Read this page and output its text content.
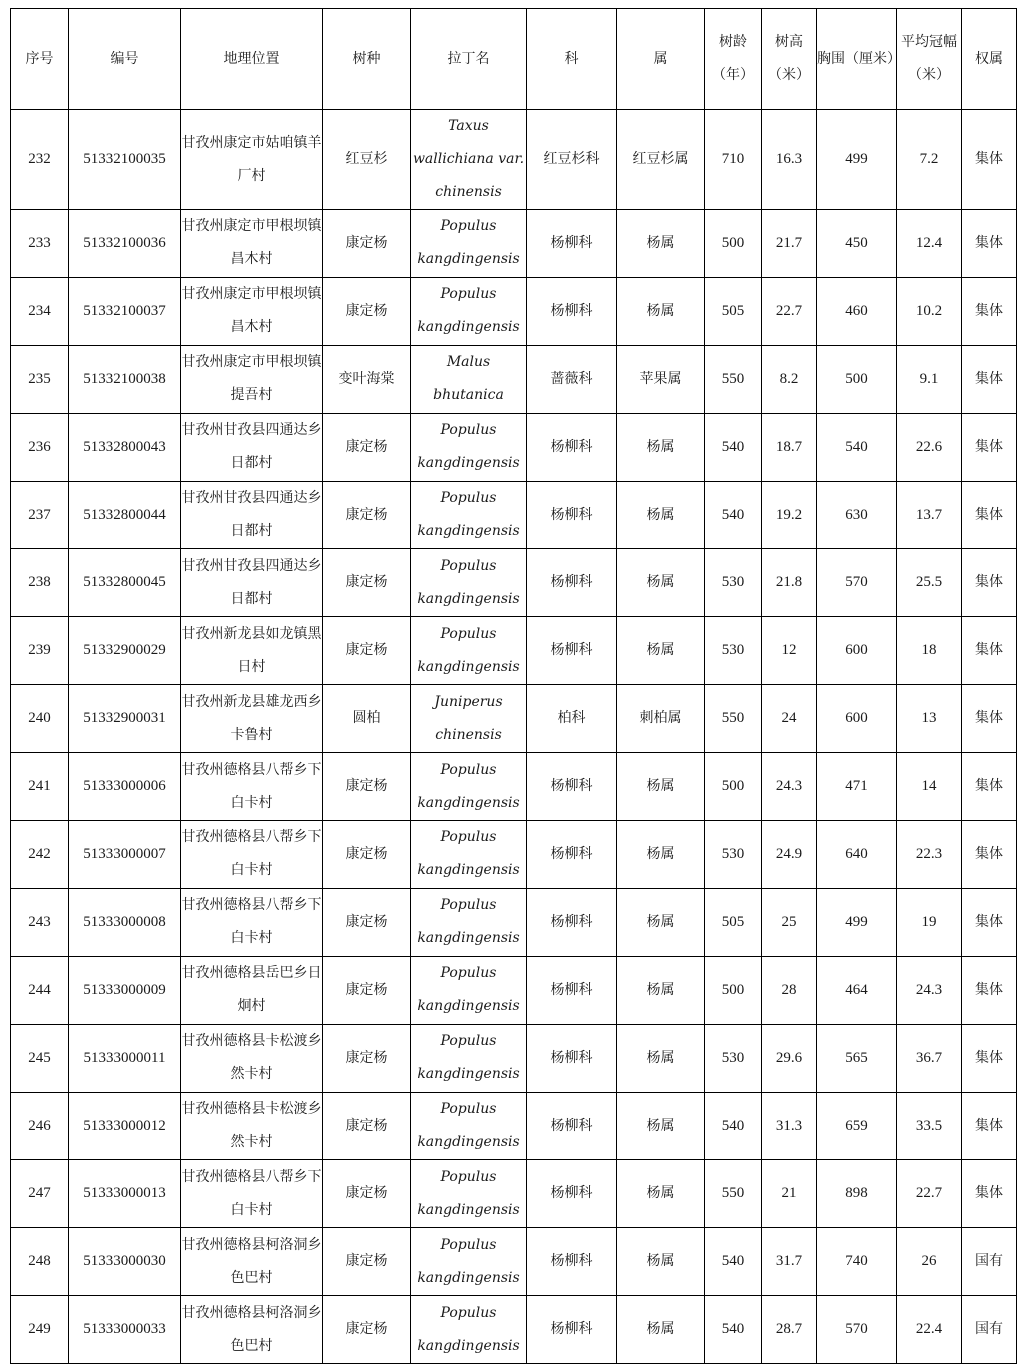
序号	编号	地理位置	树种	拉丁名	科	属	树龄（年）	树高（米）	胸围（厘米）	平均冠幅（米）	权属
232	51332100035	甘孜州康定市姑咱镇羊厂村	红豆杉	Taxus wallichiana var. chinensis	红豆杉科	红豆杉属	710	16.3	499	7.2	集体
233	51332100036	甘孜州康定市甲根坝镇昌木村	康定杨	Populus kangdingensis	杨柳科	杨属	500	21.7	450	12.4	集体
234	51332100037	甘孜州康定市甲根坝镇昌木村	康定杨	Populus kangdingensis	杨柳科	杨属	505	22.7	460	10.2	集体
235	51332100038	甘孜州康定市甲根坝镇提吾村	变叶海棠	Malus bhutanica	蔷薇科	苹果属	550	8.2	500	9.1	集体
236	51332800043	甘孜州甘孜县四通达乡日都村	康定杨	Populus kangdingensis	杨柳科	杨属	540	18.7	540	22.6	集体
237	51332800044	甘孜州甘孜县四通达乡日都村	康定杨	Populus kangdingensis	杨柳科	杨属	540	19.2	630	13.7	集体
238	51332800045	甘孜州甘孜县四通达乡日都村	康定杨	Populus kangdingensis	杨柳科	杨属	530	21.8	570	25.5	集体
239	51332900029	甘孜州新龙县如龙镇黑日村	康定杨	Populus kangdingensis	杨柳科	杨属	530	12	600	18	集体
240	51332900031	甘孜州新龙县雄龙西乡卡鲁村	圆柏	Juniperus chinensis	柏科	刺柏属	550	24	600	13	集体
241	51333000006	甘孜州德格县八帮乡下白卡村	康定杨	Populus kangdingensis	杨柳科	杨属	500	24.3	471	14	集体
242	51333000007	甘孜州德格县八帮乡下白卡村	康定杨	Populus kangdingensis	杨柳科	杨属	530	24.9	640	22.3	集体
243	51333000008	甘孜州德格县八帮乡下白卡村	康定杨	Populus kangdingensis	杨柳科	杨属	505	25	499	19	集体
244	51333000009	甘孜州德格县岳巴乡日炯村	康定杨	Populus kangdingensis	杨柳科	杨属	500	28	464	24.3	集体
245	51333000011	甘孜州德格县卡松渡乡然卡村	康定杨	Populus kangdingensis	杨柳科	杨属	530	29.6	565	36.7	集体
246	51333000012	甘孜州德格县卡松渡乡然卡村	康定杨	Populus kangdingensis	杨柳科	杨属	540	31.3	659	33.5	集体
247	51333000013	甘孜州德格县八帮乡下白卡村	康定杨	Populus kangdingensis	杨柳科	杨属	550	21	898	22.7	集体
248	51333000030	甘孜州德格县柯洛洞乡色巴村	康定杨	Populus kangdingensis	杨柳科	杨属	540	31.7	740	26	国有
249	51333000033	甘孜州德格县柯洛洞乡色巴村	康定杨	Populus kangdingensis	杨柳科	杨属	540	28.7	570	22.4	国有
